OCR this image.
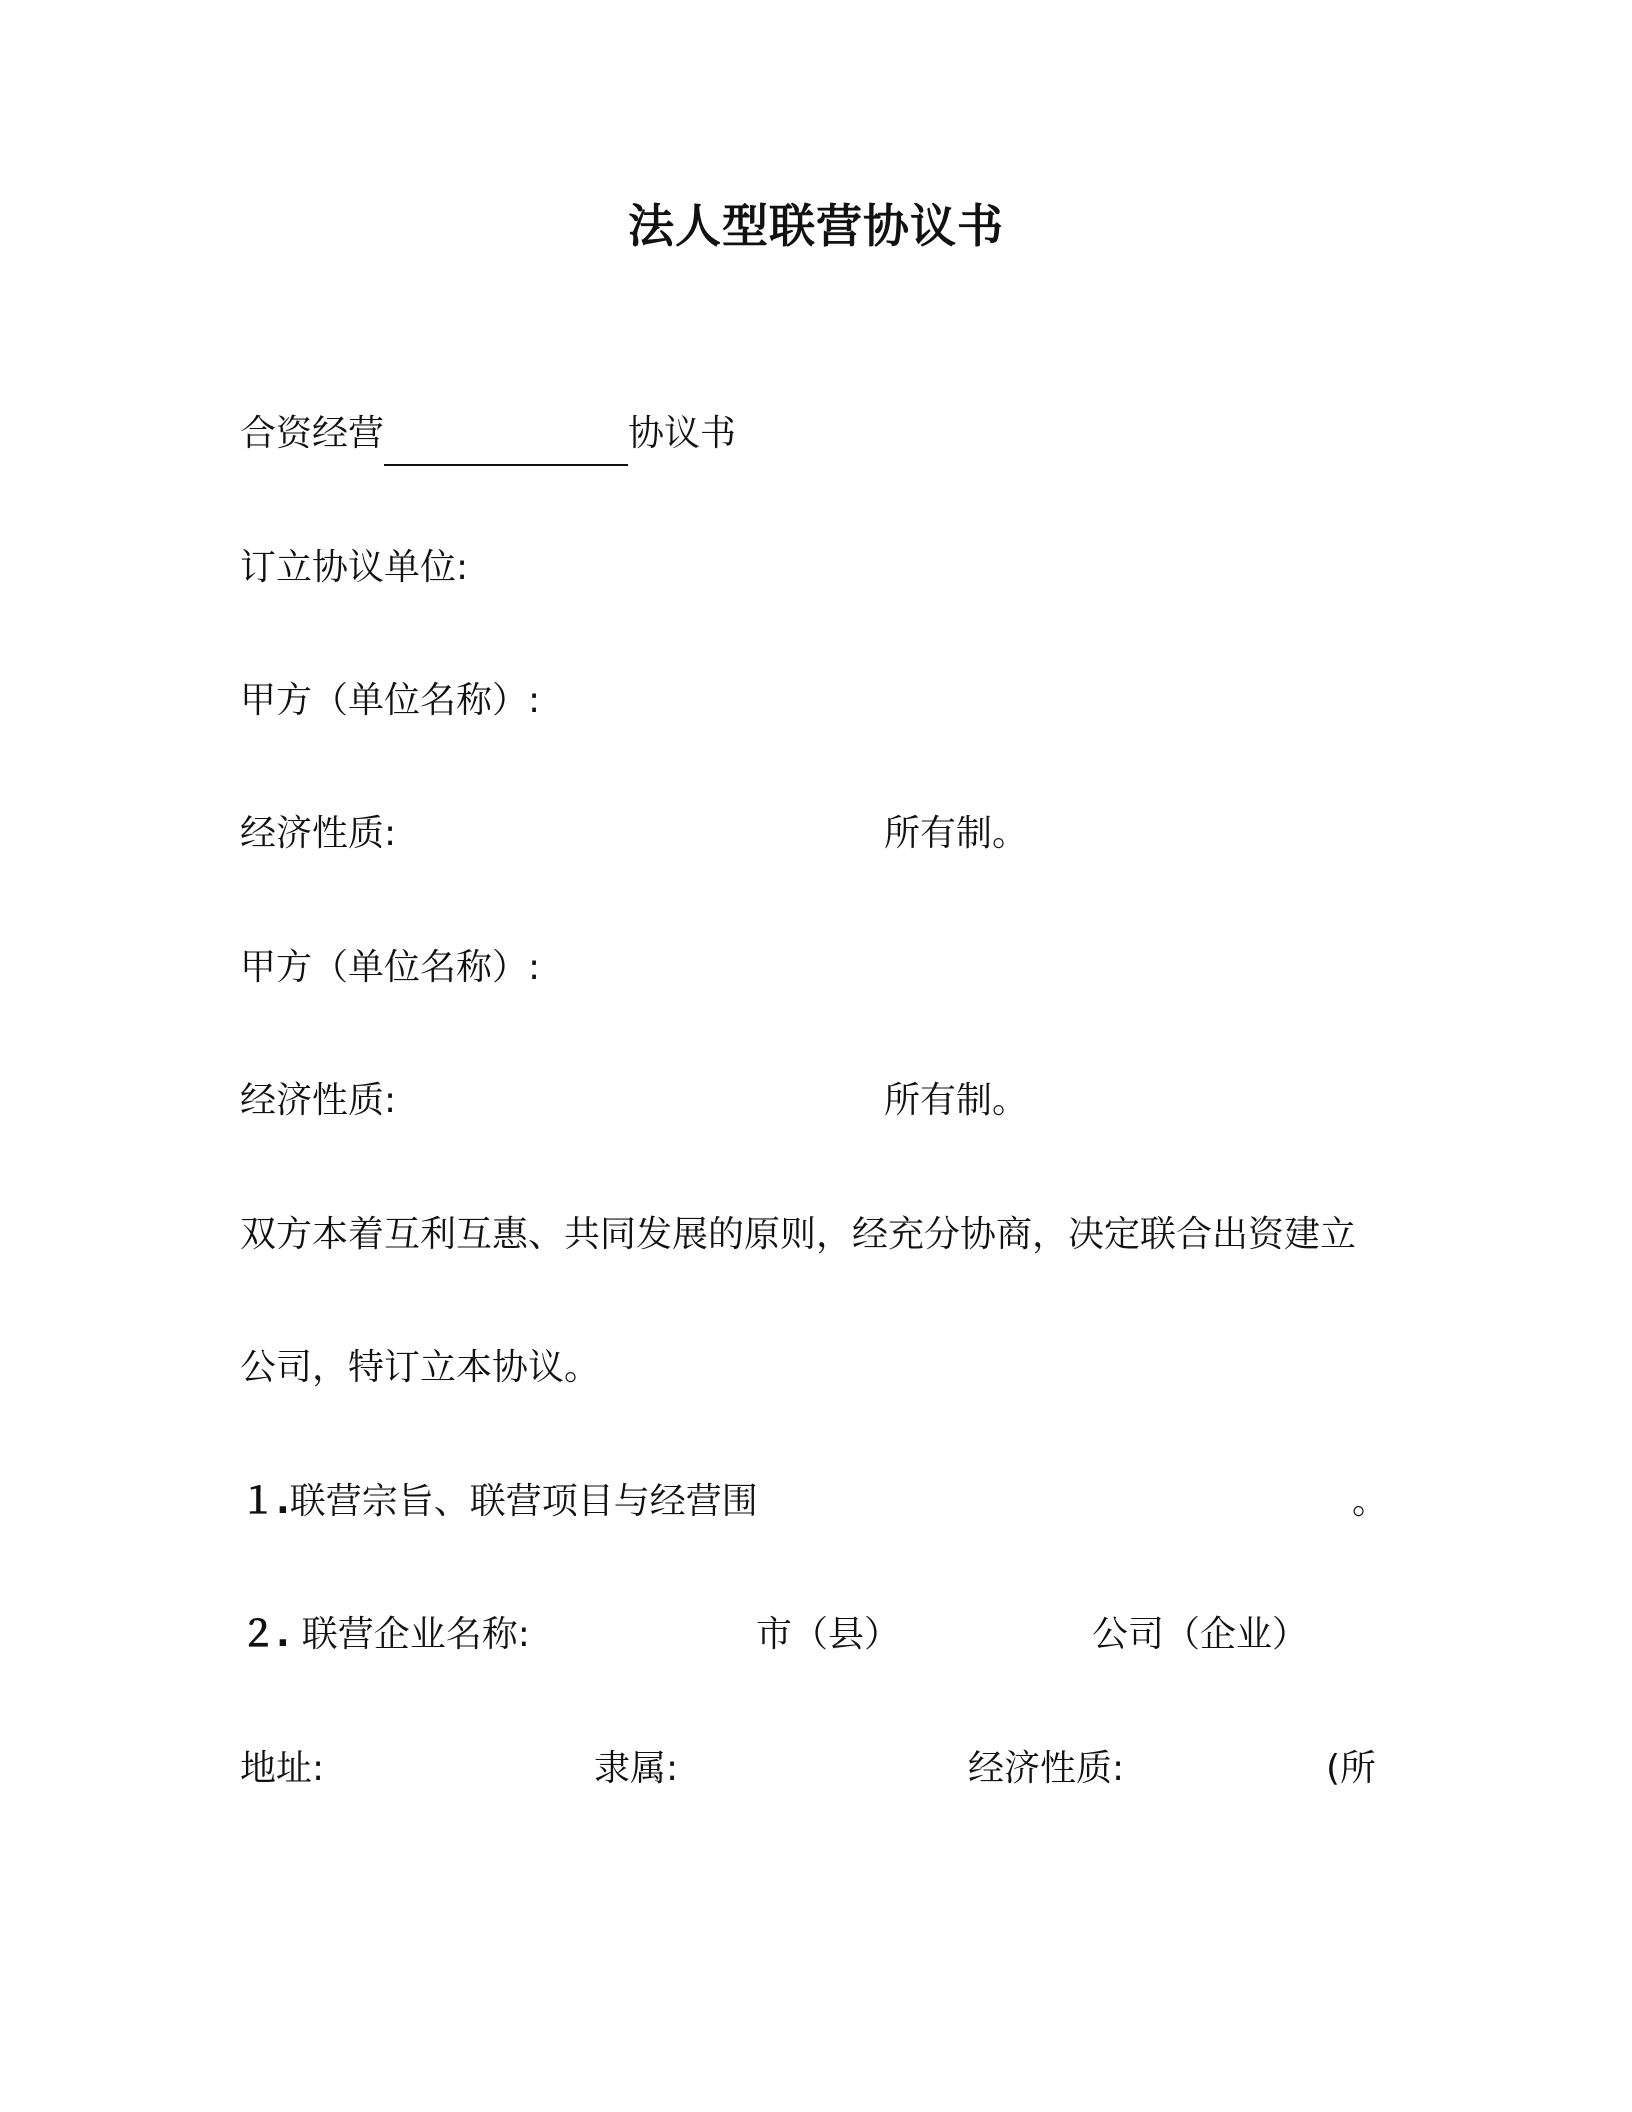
法人型联营协议书
合资经营	协议书
订立协议单位:
甲方（单位名称）:
经济性质:	所有制。
甲方（单位名称）:
经济性质:	所有制。
双方本着互利互惠、共同发展的原则，经充分协商，决定联合出资建立
公司，特订立本协议。
１.联营宗旨、联营项目与经营围	。
２. 联营企业名称:	市（县）	公司（企业）
地址:	隶属:	经济性质:	(所
